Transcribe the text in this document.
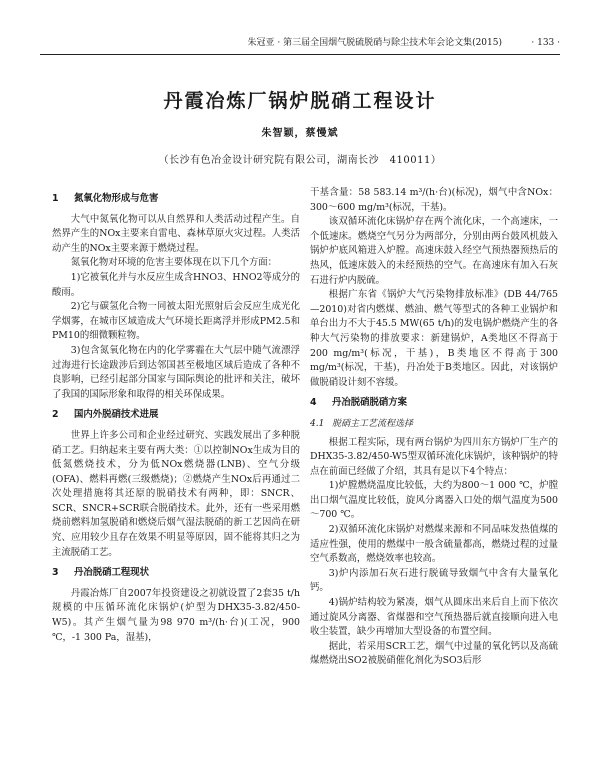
朱冠亚 · 第三届全国烟气脱硫脱硝与除尘技术年会论文集(2015)	· 133 ·
丹霞冶炼厂锅炉脱硝工程设计
朱智颖，蔡慢斌
（长沙有色冶金设计研究院有限公司，湖南长沙　410011）
1 氮氧化物形成与危害

大气中氮氧化物可以从自然界和人类活动过程产生。自然界产生的NOx主要来自雷电、森林草原火灾过程。人类活动产生的NOx主要来源于燃烧过程。

氮氧化物对环境的危害主要体现在以下几个方面：

1)它被氧化并与水反应生成含HNO3、HNO2等成分的酸雨。

2)它与碳氢化合物一同被太阳光照射后会反应生成光化学烟雾，在城市区域造成大气环境长距离浮并形成PM2.5和PM10的细微颗粒物。

3)包含氮氧化物在内的化学雾霾在大气层中随气流漂浮过海进行长途跋涉后到达邻国甚至极地区域后造成了各种不良影响，已经引起部分国家与国际舆论的批评和关注，破坏了我国的国际形象和取得的相关环保成果。

2 国内外脱硝技术进展

世界上许多公司和企业经过研究、实践发展出了多种脱硝工艺。归纳起来主要有两大类：①以控制NOx生成为目的低氮燃烧技术，分为低NOx燃烧器(LNB)、空气分级(OFA)、燃料再燃(三级燃烧)；②燃烧产生NOx后再通过二次处理措施将其还原的脱硝技术有两种，即：SNCR、SCR、SNCR+SCR联合脱硝技术。此外，还有一些采用燃烧前燃料加氢脱硝和燃烧后烟气湿法脱硝的新工艺因尚在研究、应用较少且存在效果不明显等原因，固不能将其归之为主流脱硝工艺。

3 丹冶脱硝工程现状

丹霞冶炼厂自2007年投资建设之初就设置了2套35 t/h规模的中压循环流化床锅炉(炉型为DHX35-3.82/450-W5)。其产生烟气量为98 970 m³/(h·台)(工况，900 ℃，-1 300 Pa，湿基)，

干基含量：58 583.14 m³/(h·台)(标况)，烟气中含NOx：300～600 mg/m³(标况，干基)。

该双循环流化床锅炉存在两个流化床，一个高速床，一个低速床。燃烧空气另分为两部分，分别由两台鼓风机鼓入锅炉炉底风箱进入炉膛。高速床鼓入经空气预热器预热后的热风，低速床鼓入的未经预热的空气。在高速床有加入石灰石进行炉内脱硫。

根据广东省《锅炉大气污染物排放标准》(DB 44/765—2010)对省内燃煤、燃油、燃气等型式的各种工业锅炉和单台出力不大于45.5 MW(65 t/h)的发电锅炉燃烧产生的各种大气污染物的排放要求：新建锅炉，A类地区不得高于200 mg/m³(标况，干基)，B类地区不得高于300 mg/m³(标况，干基)，丹冶处于B类地区。因此，对该锅炉做脱硝设计刻不容缓。

4 丹冶脱硝脱硝方案
4.1 脱硝主工艺流程选择

根据工程实际，现有两台锅炉为四川东方锅炉厂生产的DHX35-3.82/450-W5型双循环流化床锅炉，该种锅炉的特点在前面已经做了介绍，其具有是以下4个特点：

1)炉膛燃烧温度比较低，大约为800～1 000 ℃，炉膛出口烟气温度比较低，旋风分离器入口处的烟气温度为500～700 ℃。

2)双循环流化床锅炉对燃煤来源和不同品味发热值煤的适应性强，使用的燃煤中一般含硫量都高，燃烧过程的过量空气系数高，燃烧效率也较高。

3)炉内添加石灰石进行脱硫导致烟气中含有大量氧化钙。

4)锅炉结构较为紧凑，烟气从圆床出来后自上而下依次通过旋风分离器、省煤器和空气预热器后就直接顺向进入电收尘装置，缺少再增加大型设备的布置空间。

据此，若采用SCR工艺，烟气中过量的氧化钙以及高硫煤燃烧出SO2被脱硝催化剂化为SO3后形
